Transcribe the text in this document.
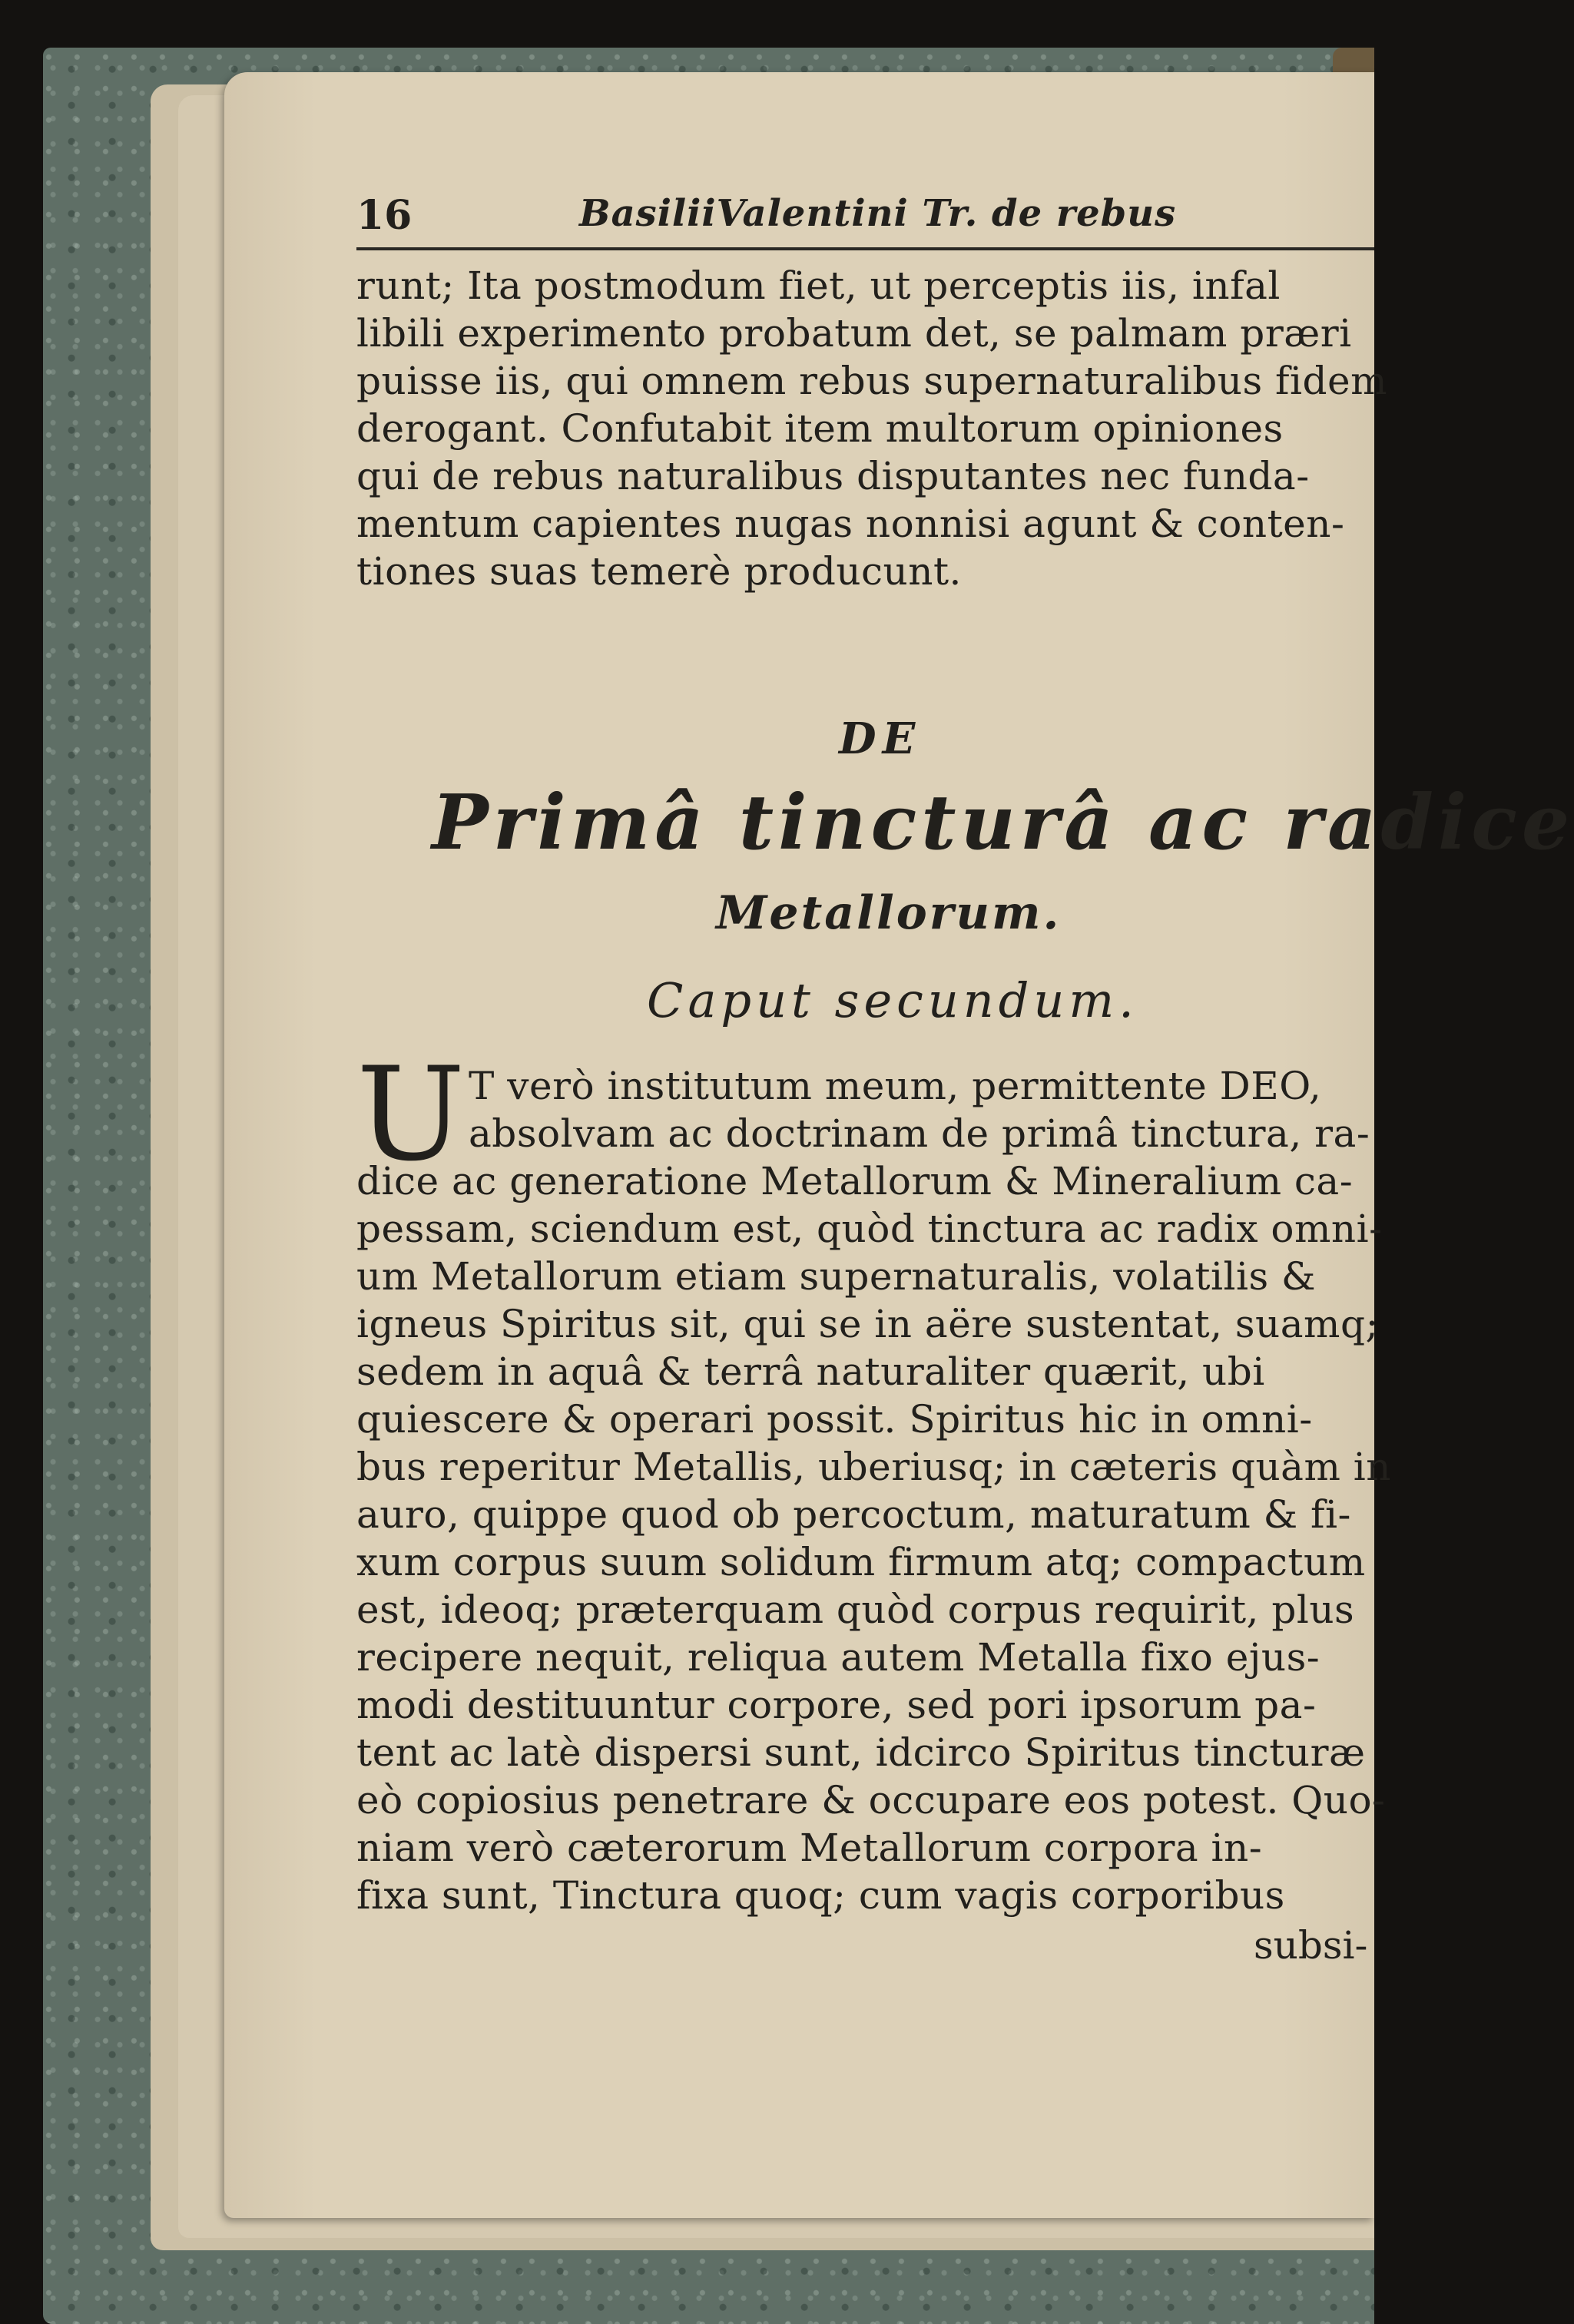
16	BasiliiValentini Tr. de rebus
runt; Ita postmodum fiet, ut perceptis iis, infal
libili experimento probatum det, se palmam præri
puisse iis, qui omnem rebus supernaturalibus fidem
derogant. Confutabit item multorum opiniones
qui de rebus naturalibus disputantes nec funda-
mentum capientes nugas nonnisi agunt & conten-
tiones suas temerè producunt.
DE
Primâ tincturâ ac radice
Metallorum.
Caput secundum.
U T verò institutum meum, permittente DEO,
absolvam ac doctrinam de primâ tinctura, ra-
dice ac generatione Metallorum & Mineralium ca-
pessam, sciendum est, quòd tinctura ac radix omni-
um Metallorum etiam supernaturalis, volatilis &
igneus Spiritus sit, qui se in aëre sustentat, suamq;
sedem in aquâ & terrâ naturaliter quærit, ubi
quiescere & operari possit. Spiritus hic in omni-
bus reperitur Metallis, uberiusq; in cæteris quàm in
auro, quippe quod ob percoctum, maturatum & fi-
xum corpus suum solidum firmum atq; compactum
est, ideoq; præterquam quòd corpus requirit, plus
recipere nequit, reliqua autem Metalla fixo ejus-
modi destituuntur corpore, sed pori ipsorum pa-
tent ac latè dispersi sunt, idcirco Spiritus tincturæ
eò copiosius penetrare & occupare eos potest. Quo-
niam verò cæterorum Metallorum corpora in-
fixa sunt, Tinctura quoq; cum vagis corporibus
subsi-
